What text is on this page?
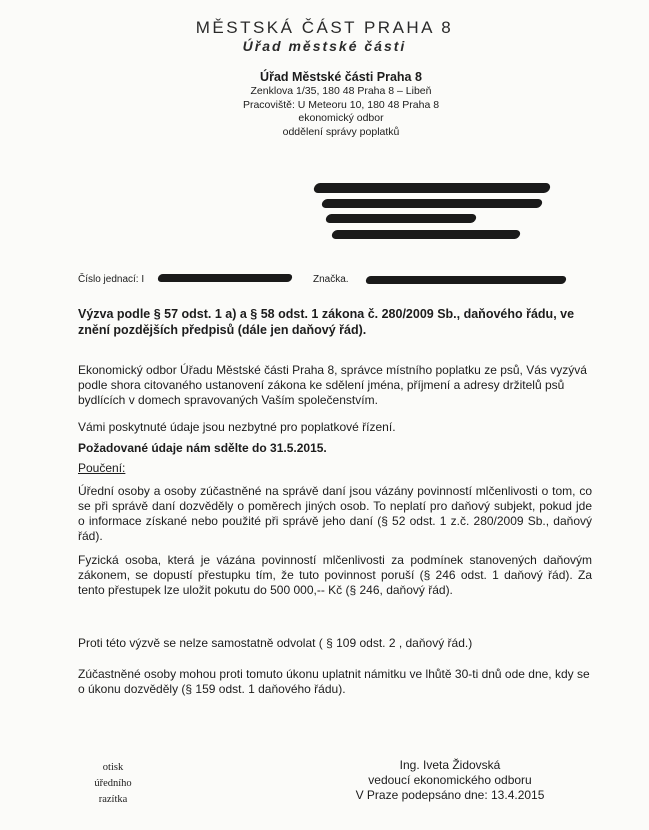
MĚSTSKÁ ČÁST PRAHA 8
Úřad městské části
Úřad Městské části Praha 8
Zenklova 1/35, 180 48 Praha 8 – Libeň
Pracoviště: U Meteoru 10, 180 48 Praha 8
ekonomický odbor
oddělení správy poplatků
Číslo jednací: I	Značka.
Výzva podle § 57 odst. 1 a) a § 58 odst. 1 zákona č. 280/2009 Sb., daňového řádu, ve znění pozdějších předpisů (dále jen daňový řád).
Ekonomický odbor Úřadu Městské části Praha 8, správce místního poplatku ze psů, Vás vyzývá podle shora citovaného ustanovení zákona ke sdělení jména, příjmení a adresy držitelů psů bydlících v domech spravovaných Vaším společenstvím.
Vámi poskytnuté údaje jsou nezbytné pro poplatkové řízení.
Požadované údaje nám sdělte do 31.5.2015.
Poučení:
Úřední osoby a osoby zúčastněné na správě daní jsou vázány povinností mlčenlivosti o tom, co se při správě daní dozvěděly o poměrech jiných osob. To neplatí pro daňový subjekt, pokud jde o informace získané nebo použité při správě jeho daní (§ 52 odst. 1 z.č. 280/2009 Sb., daňový řád).
Fyzická osoba, která je vázána povinností mlčenlivosti za podmínek stanovených daňovým zákonem, se dopustí přestupku tím, že tuto povinnost poruší (§ 246 odst. 1 daňový řád). Za tento přestupek lze uložit pokutu do 500 000,-- Kč (§ 246, daňový řád).
Proti této výzvě se nelze samostatně odvolat ( § 109 odst. 2 , daňový řád.)
Zúčastněné osoby mohou proti tomuto úkonu uplatnit námitku ve lhůtě 30-ti dnů ode dne, kdy se o úkonu dozvěděly (§ 159 odst. 1 daňového řádu).
otisk
úředního
razítka
Ing. Iveta Židovská
vedoucí ekonomického odboru
V Praze podepsáno dne: 13.4.2015
